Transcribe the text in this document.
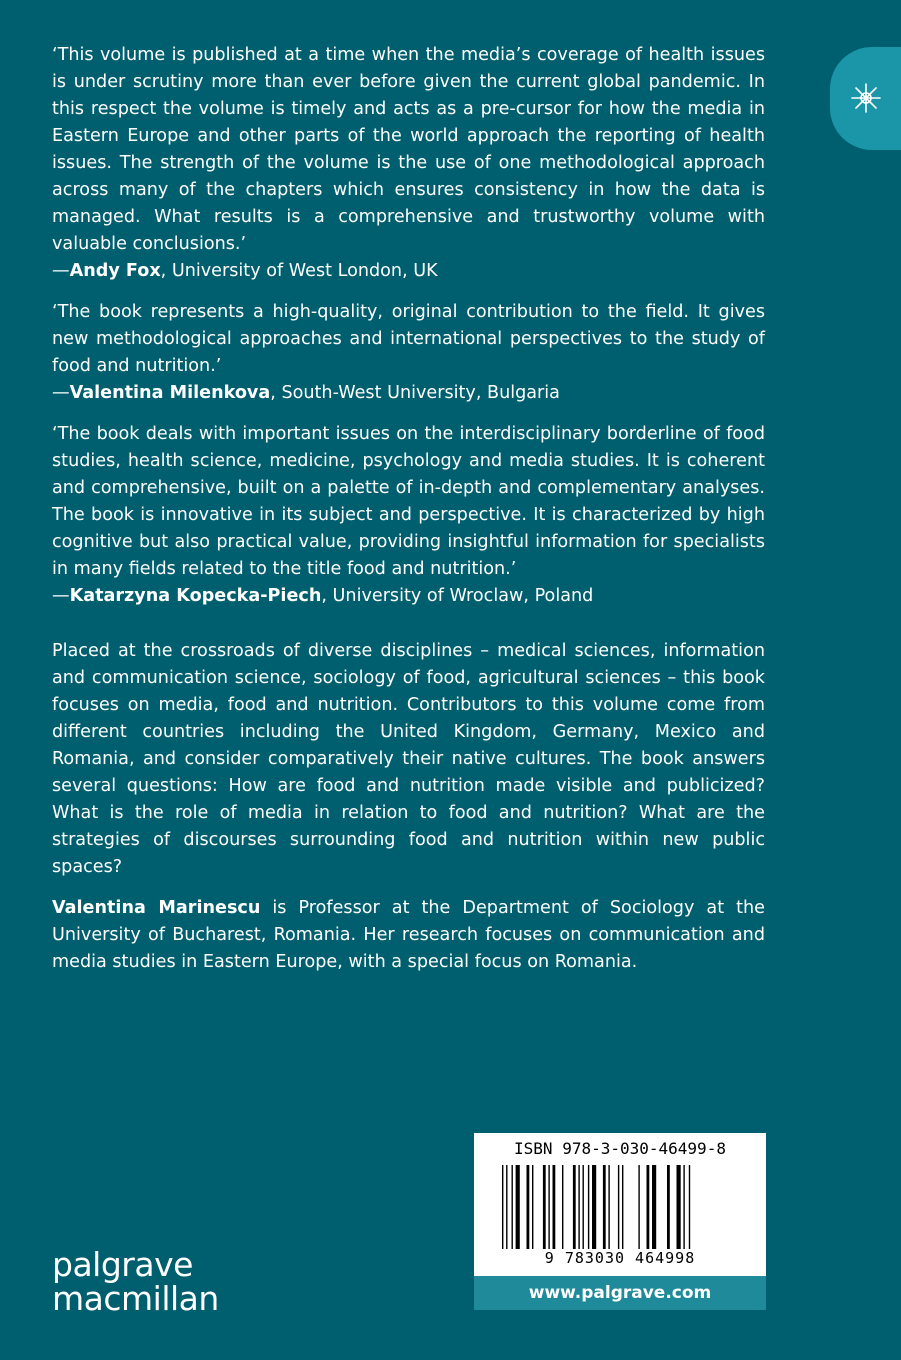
‘This volume is published at a time when the media’s coverage of health issues is under scrutiny more than ever before given the current global pandemic. In this respect the volume is timely and acts as a pre-cursor for how the media in Eastern Europe and other parts of the world approach the reporting of health issues. The strength of the volume is the use of one methodological approach across many of the chapters which ensures consistency in how the data is managed. What results is a comprehensive and trustworthy volume with valuable conclusions.’
—Andy Fox, University of West London, UK
‘The book represents a high-quality, original contribution to the field. It gives new methodological approaches and international perspectives to the study of food and nutrition.’
—Valentina Milenkova, South-West University, Bulgaria
‘The book deals with important issues on the interdisciplinary borderline of food studies, health science, medicine, psychology and media studies. It is coherent and comprehensive, built on a palette of in-depth and complementary analyses. The book is innovative in its subject and perspective. It is characterized by high cognitive but also practical value, providing insightful information for specialists in many fields related to the title food and nutrition.’
—Katarzyna Kopecka-Piech, University of Wroclaw, Poland
Placed at the crossroads of diverse disciplines – medical sciences, information and communication science, sociology of food, agricultural sciences – this book focuses on media, food and nutrition. Contributors to this volume come from different countries including the United Kingdom, Germany, Mexico and Romania, and consider comparatively their native cultures. The book answers several questions: How are food and nutrition made visible and publicized? What is the role of media in relation to food and nutrition? What are the strategies of discourses surrounding food and nutrition within new public spaces?
Valentina Marinescu is Professor at the Department of Sociology at the University of Bucharest, Romania. Her research focuses on communication and media studies in Eastern Europe, with a special focus on Romania.
palgrave
macmillan
ISBN 978-3-030-46499-8
9 783030 464998
www.palgrave.com
